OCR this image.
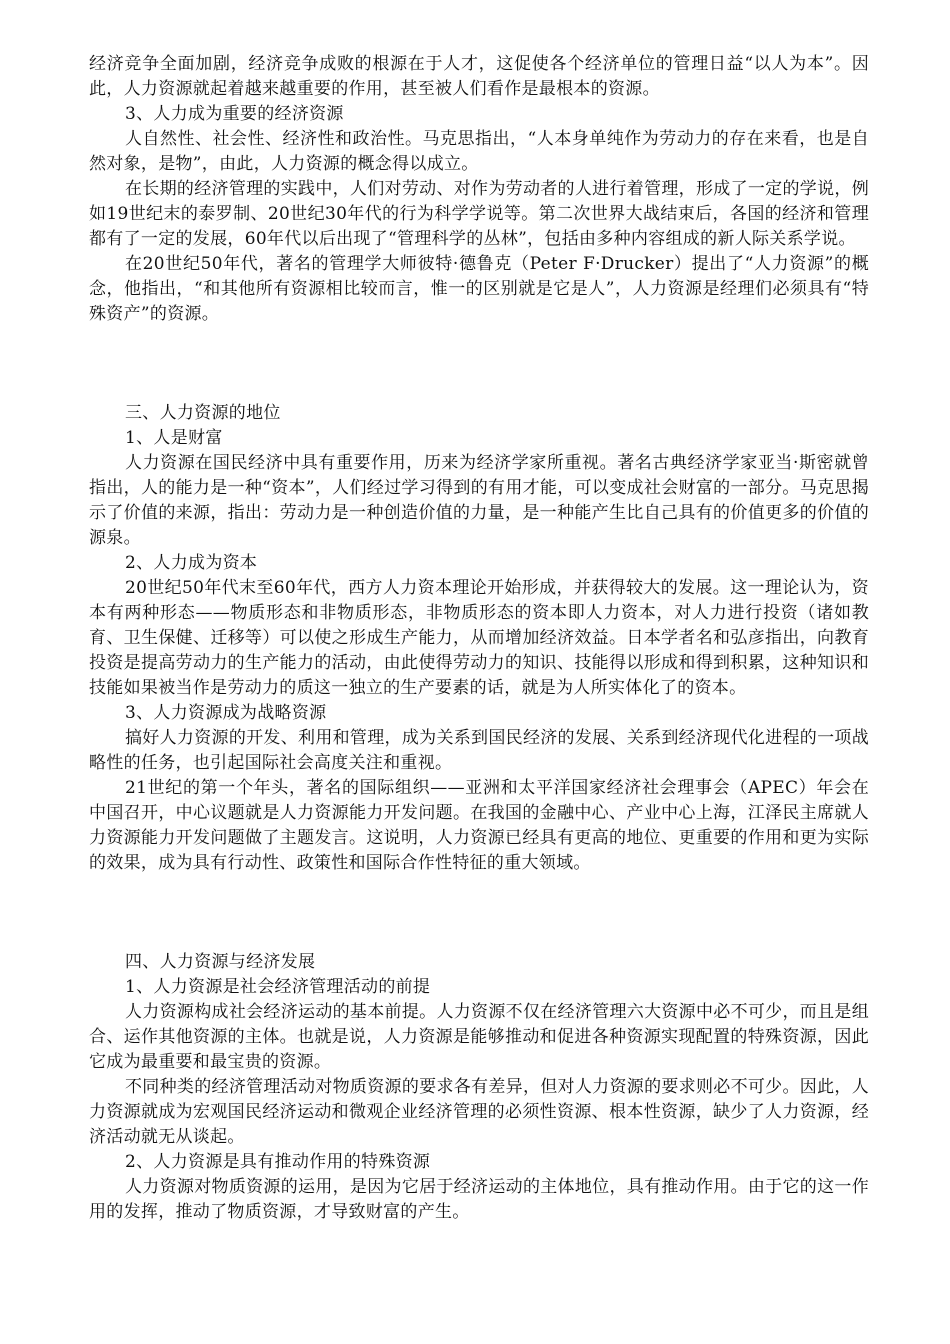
经济竞争全面加剧，经济竞争成败的根源在于人才，这促使各个经济单位的管理日益“以人为本”。因此，人力资源就起着越来越重要的作用，甚至被人们看作是最根本的资源。

3、人力成为重要的经济资源

人自然性、社会性、经济性和政治性。马克思指出，“人本身单纯作为劳动力的存在来看，也是自然对象，是物”，由此，人力资源的概念得以成立。

在长期的经济管理的实践中，人们对劳动、对作为劳动者的人进行着管理，形成了一定的学说，例如19世纪末的泰罗制、20世纪30年代的行为科学学说等。第二次世界大战结束后，各国的经济和管理都有了一定的发展，60年代以后出现了“管理科学的丛林”，包括由多种内容组成的新人际关系学说。

在20世纪50年代，著名的管理学大师彼特·德鲁克（Peter F·Drucker）提出了“人力资源”的概念，他指出，“和其他所有资源相比较而言，惟一的区别就是它是人”，人力资源是经理们必须具有“特殊资产”的资源。

三、人力资源的地位

1、人是财富

人力资源在国民经济中具有重要作用，历来为经济学家所重视。著名古典经济学家亚当·斯密就曾指出，人的能力是一种“资本”，人们经过学习得到的有用才能，可以变成社会财富的一部分。马克思揭示了价值的来源，指出：劳动力是一种创造价值的力量，是一种能产生比自己具有的价值更多的价值的源泉。

2、人力成为资本

20世纪50年代末至60年代，西方人力资本理论开始形成，并获得较大的发展。这一理论认为，资本有两种形态——物质形态和非物质形态，非物质形态的资本即人力资本，对人力进行投资（诸如教育、卫生保健、迁移等）可以使之形成生产能力，从而增加经济效益。日本学者名和弘彦指出，向教育投资是提高劳动力的生产能力的活动，由此使得劳动力的知识、技能得以形成和得到积累，这种知识和技能如果被当作是劳动力的质这一独立的生产要素的话，就是为人所实体化了的资本。

3、人力资源成为战略资源

搞好人力资源的开发、利用和管理，成为关系到国民经济的发展、关系到经济现代化进程的一项战略性的任务，也引起国际社会高度关注和重视。

21世纪的第一个年头，著名的国际组织——亚洲和太平洋国家经济社会理事会（APEC）年会在中国召开，中心议题就是人力资源能力开发问题。在我国的金融中心、产业中心上海，江泽民主席就人力资源能力开发问题做了主题发言。这说明，人力资源已经具有更高的地位、更重要的作用和更为实际的效果，成为具有行动性、政策性和国际合作性特征的重大领域。

四、人力资源与经济发展

1、人力资源是社会经济管理活动的前提

人力资源构成社会经济运动的基本前提。人力资源不仅在经济管理六大资源中必不可少，而且是组合、运作其他资源的主体。也就是说，人力资源是能够推动和促进各种资源实现配置的特殊资源，因此它成为最重要和最宝贵的资源。

不同种类的经济管理活动对物质资源的要求各有差异，但对人力资源的要求则必不可少。因此，人力资源就成为宏观国民经济运动和微观企业经济管理的必须性资源、根本性资源，缺少了人力资源，经济活动就无从谈起。

2、人力资源是具有推动作用的特殊资源

人力资源对物质资源的运用，是因为它居于经济运动的主体地位，具有推动作用。由于它的这一作用的发挥，推动了物质资源，才导致财富的产生。
